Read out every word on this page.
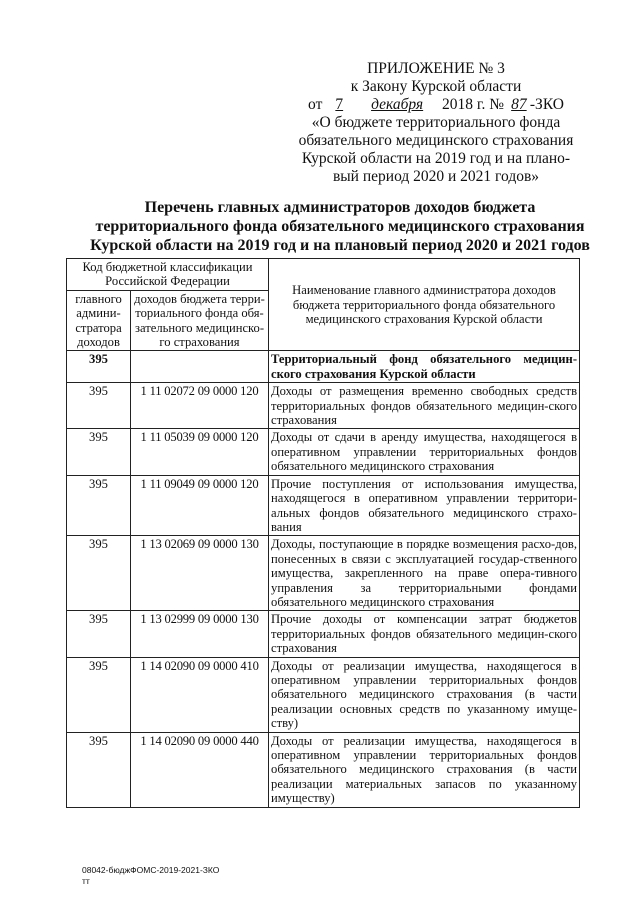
ПРИЛОЖЕНИЕ № 3
к Закону Курской области
от 7 декабря 2018 г. № 87 -ЗКО
«О бюджете территориального фонда
обязательного медицинского страхования
Курской области на 2019 год и на плано-
вый период 2020 и 2021 годов»
Перечень главных администраторов доходов бюджета
территориального фонда обязательного медицинского страхования
Курской области на 2019 год и на плановый период 2020 и 2021 годов
Код бюджетной классификации Российской Федерации		Наименование главного администратора доходов бюджета территориального фонда обязательного медицинского страхования Курской области
главного админи-стратора доходов	доходов бюджета терри-ториального фонда обя-зательного медицинско-го страхования	
395		Территориальный фонд обязательного медицин-ского страхования Курской области
395	1 11 02072 09 0000 120	Доходы от размещения временно свободных средств территориальных фондов обязательного медицин-ского страхования
395	1 11 05039 09 0000 120	Доходы от сдачи в аренду имущества, находящегося в оперативном управлении территориальных фондов обязательного медицинского страхования
395	1 11 09049 09 0000 120	Прочие поступления от использования имущества, находящегося в оперативном управлении территори-альных фондов обязательного медицинского страхо-вания
395	1 13 02069 09 0000 130	Доходы, поступающие в порядке возмещения расхо-дов, понесенных в связи с эксплуатацией государ-ственного имущества, закрепленного на праве опера-тивного управления за территориальными фондами обязательного медицинского страхования
395	1 13 02999 09 0000 130	Прочие доходы от компенсации затрат бюджетов территориальных фондов обязательного медицин-ского страхования
395	1 14 02090 09 0000 410	Доходы от реализации имущества, находящегося в оперативном управлении территориальных фондов обязательного медицинского страхования (в части реализации основных средств по указанному имуще-ству)
395	1 14 02090 09 0000 440	Доходы от реализации имущества, находящегося в оперативном управлении территориальных фондов обязательного медицинского страхования (в части реализации материальных запасов по указанному имуществу)
08042-бюджФОМС-2019-2021-ЗКО
тт
